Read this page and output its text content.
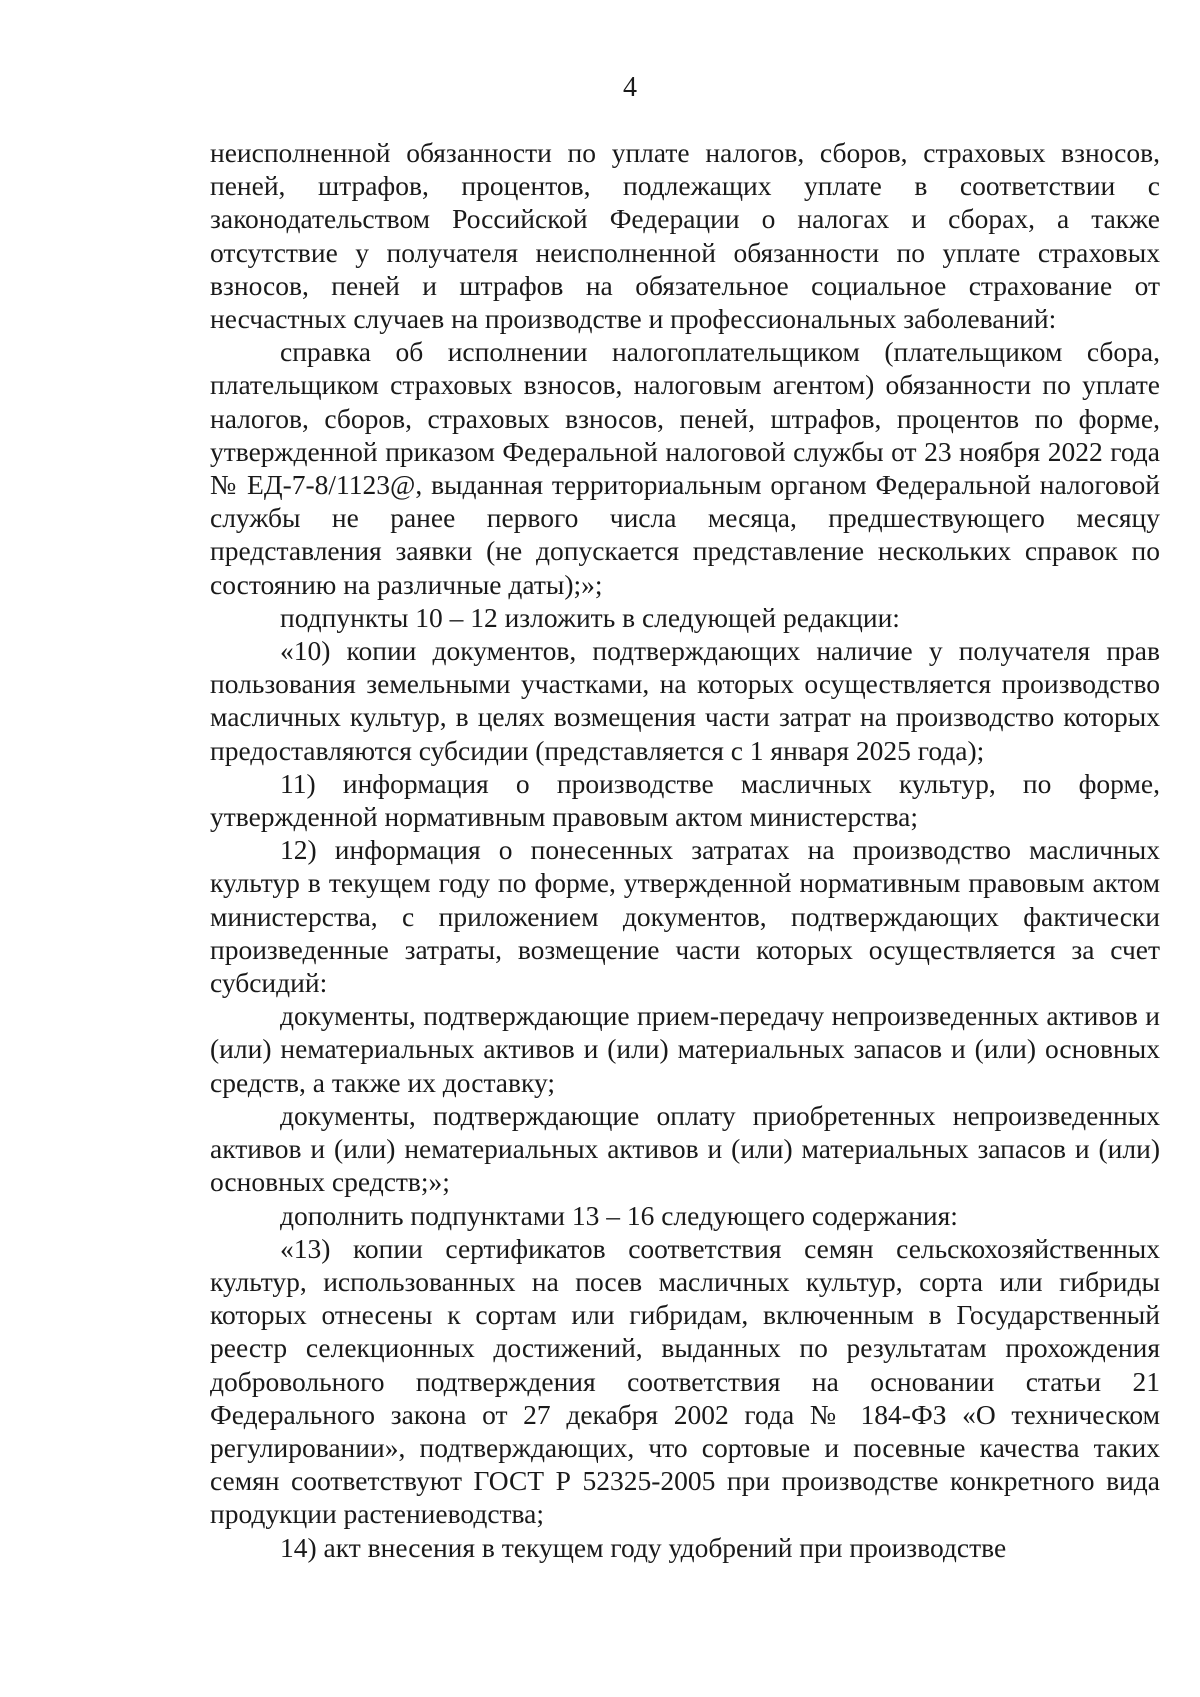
4

неисполненной обязанности по уплате налогов, сборов, страховых взносов, пеней, штрафов, процентов, подлежащих уплате в соответствии с законодательством Российской Федерации о налогах и сборах, а также отсутствие у получателя неисполненной обязанности по уплате страховых взносов, пеней и штрафов на обязательное социальное страхование от несчастных случаев на производстве и профессиональных заболеваний:

справка об исполнении налогоплательщиком (плательщиком сбора, плательщиком страховых взносов, налоговым агентом) обязанности по уплате налогов, сборов, страховых взносов, пеней, штрафов, процентов по форме, утвержденной приказом Федеральной налоговой службы от 23 ноября 2022 года № ЕД-7-8/1123@, выданная территориальным органом Федеральной налоговой службы не ранее первого числа месяца, предшествующего месяцу представления заявки (не допускается представление нескольких справок по состоянию на различные даты);»;

подпункты 10 – 12 изложить в следующей редакции:

«10) копии документов, подтверждающих наличие у получателя прав пользования земельными участками, на которых осуществляется производство масличных культур, в целях возмещения части затрат на производство которых предоставляются субсидии (представляется с 1 января 2025 года);

11) информация о производстве масличных культур, по форме, утвержденной нормативным правовым актом министерства;

12) информация о понесенных затратах на производство масличных культур в текущем году по форме, утвержденной нормативным правовым актом министерства, с приложением документов, подтверждающих фактически произведенные затраты, возмещение части которых осуществляется за счет субсидий:

документы, подтверждающие прием-передачу непроизведенных активов и (или) нематериальных активов и (или) материальных запасов и (или) основных средств, а также их доставку;

документы, подтверждающие оплату приобретенных непроизведенных активов и (или) нематериальных активов и (или) материальных запасов и (или) основных средств;»;

дополнить подпунктами 13 – 16 следующего содержания:

«13) копии сертификатов соответствия семян сельскохозяйственных культур, использованных на посев масличных культур, сорта или гибриды которых отнесены к сортам или гибридам, включенным в Государственный реестр селекционных достижений, выданных по результатам прохождения добровольного подтверждения соответствия на основании статьи 21 Федерального закона от 27 декабря 2002 года № 184-ФЗ «О техническом регулировании», подтверждающих, что сортовые и посевные качества таких семян соответствуют ГОСТ Р 52325-2005 при производстве конкретного вида продукции растениеводства;

14) акт внесения в текущем году удобрений при производстве
